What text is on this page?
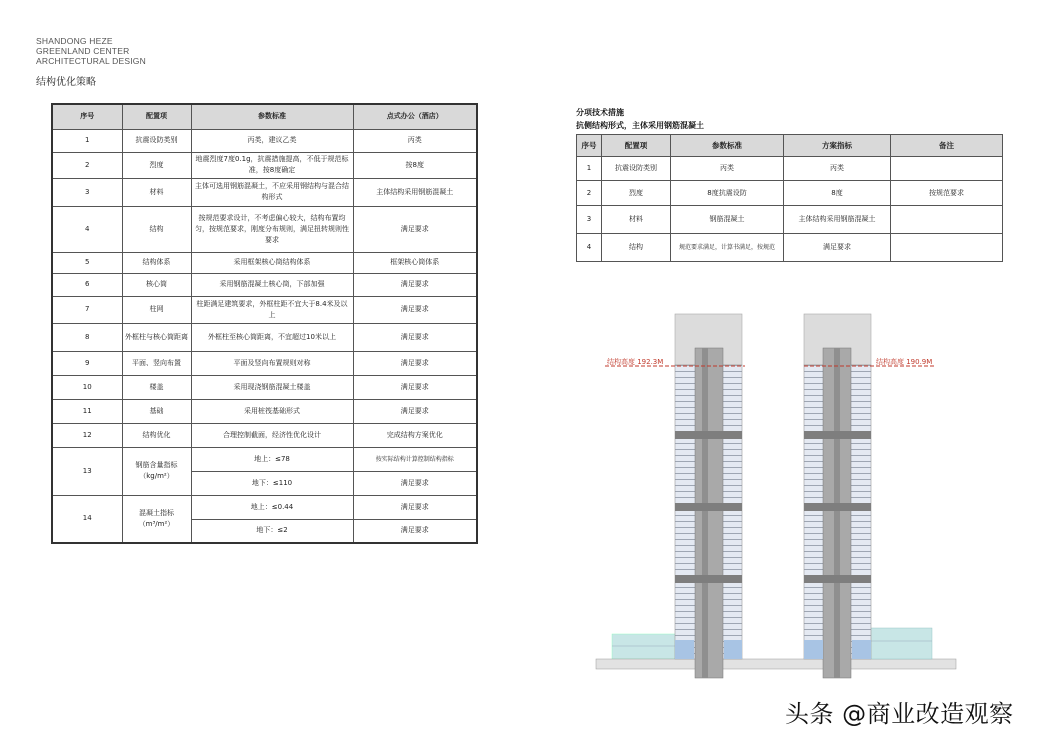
SHANDONG HEZE
GREENLAND CENTER
ARCHITECTURAL DESIGN
结构优化策略
序号	配置项	参数标准	点式办公（酒店）
1	抗震设防类别	丙类，建议乙类	丙类
2	烈度	地震烈度7度0.1g，抗震措施提高，不低于规范标准，按8度确定	按8度
3	材料	主体可选用钢筋混凝土，不应采用钢结构与混合结构形式	主体结构采用钢筋混凝土
4	结构	按规范要求设计，不考虑偏心较大，结构布置均匀，按规范要求，刚度分布规则，满足扭转规则性要求	满足要求
5	结构体系	采用框架核心筒结构体系	框架核心筒体系
6	核心筒	采用钢筋混凝土核心筒，下部加强	满足要求
7	柱网	柱距满足建筑要求，外框柱距不宜大于8.4米及以上	满足要求
8	外框柱与核心筒距离	外框柱至核心筒距离，不宜超过10米以上	满足要求
9	平面、竖向布置	平面及竖向布置规则对称	满足要求
10	楼盖	采用现浇钢筋混凝土楼盖	满足要求
11	基础	采用桩筏基础形式	满足要求
12	结构优化	合理控制截面，经济性优化设计	完成结构方案优化
13	钢筋含量指标（kg/m²）	地上：≤78	按实际结构计算控制结构指标
		地下：≤110	满足要求
14	混凝土指标（m³/m²）	地上：≤0.44	满足要求
		地下：≤2	满足要求
分项技术措施
抗侧结构形式，主体采用钢筋混凝土
序号	配置项	参数标准	方案指标	备注
1	抗震设防类别	丙类	丙类	
2	烈度	8度抗震设防	8度	按规范要求
3	材料	钢筋混凝土	主体结构采用钢筋混凝土	
4	结构	规范要求满足，计算书满足，按规范	满足要求	
结构高度 192.3M	结构高度 190.9M
头条 @商业改造观察
